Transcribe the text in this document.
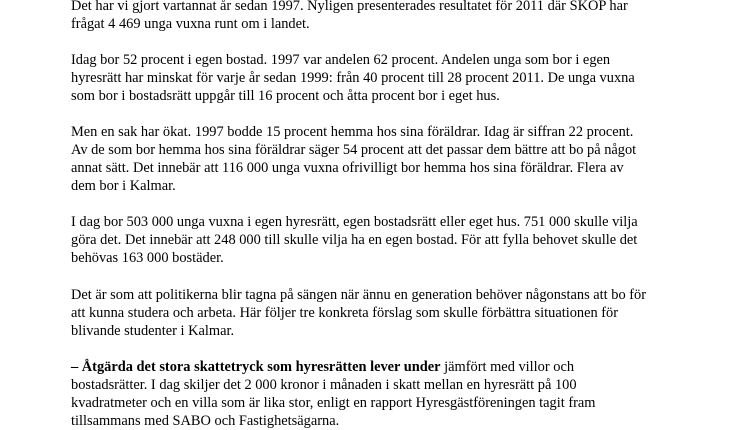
Det har vi gjort vartannat år sedan 1997. Nyligen presenterades resultatet för 2011 där SKOP har
frågat 4 469 unga vuxna runt om i landet.

Idag bor 52 procent i egen bostad. 1997 var andelen 62 procent. Andelen unga som bor i egen
hyresrätt har minskat för varje år sedan 1999: från 40 procent till 28 procent 2011. De unga vuxna
som bor i bostadsrätt uppgår till 16 procent och åtta procent bor i eget hus.

Men en sak har ökat. 1997 bodde 15 procent hemma hos sina föräldrar. Idag är siffran 22 procent.
Av de som bor hemma hos sina föräldrar säger 54 procent att det passar dem bättre att bo på något
annat sätt. Det innebär att 116 000 unga vuxna ofrivilligt bor hemma hos sina föräldrar. Flera av
dem bor i Kalmar.

I dag bor 503 000 unga vuxna i egen hyresrätt, egen bostadsrätt eller eget hus. 751 000 skulle vilja
göra det. Det innebär att 248 000 till skulle vilja ha en egen bostad. För att fylla behovet skulle det
behövas 163 000 bostäder.

Det är som att politikerna blir tagna på sängen när ännu en generation behöver någonstans att bo för
att kunna studera och arbeta. Här följer tre konkreta förslag som skulle förbättra situationen för
blivande studenter i Kalmar.

– Åtgärda det stora skattetryck som hyresrätten lever under jämfört med villor och
bostadsrätter. I dag skiljer det 2 000 kronor i månaden i skatt mellan en hyresrätt på 100
kvadratmeter och en villa som är lika stor, enligt en rapport Hyresgästföreningen tagit fram
tillsammans med SABO och Fastighetsägarna.
